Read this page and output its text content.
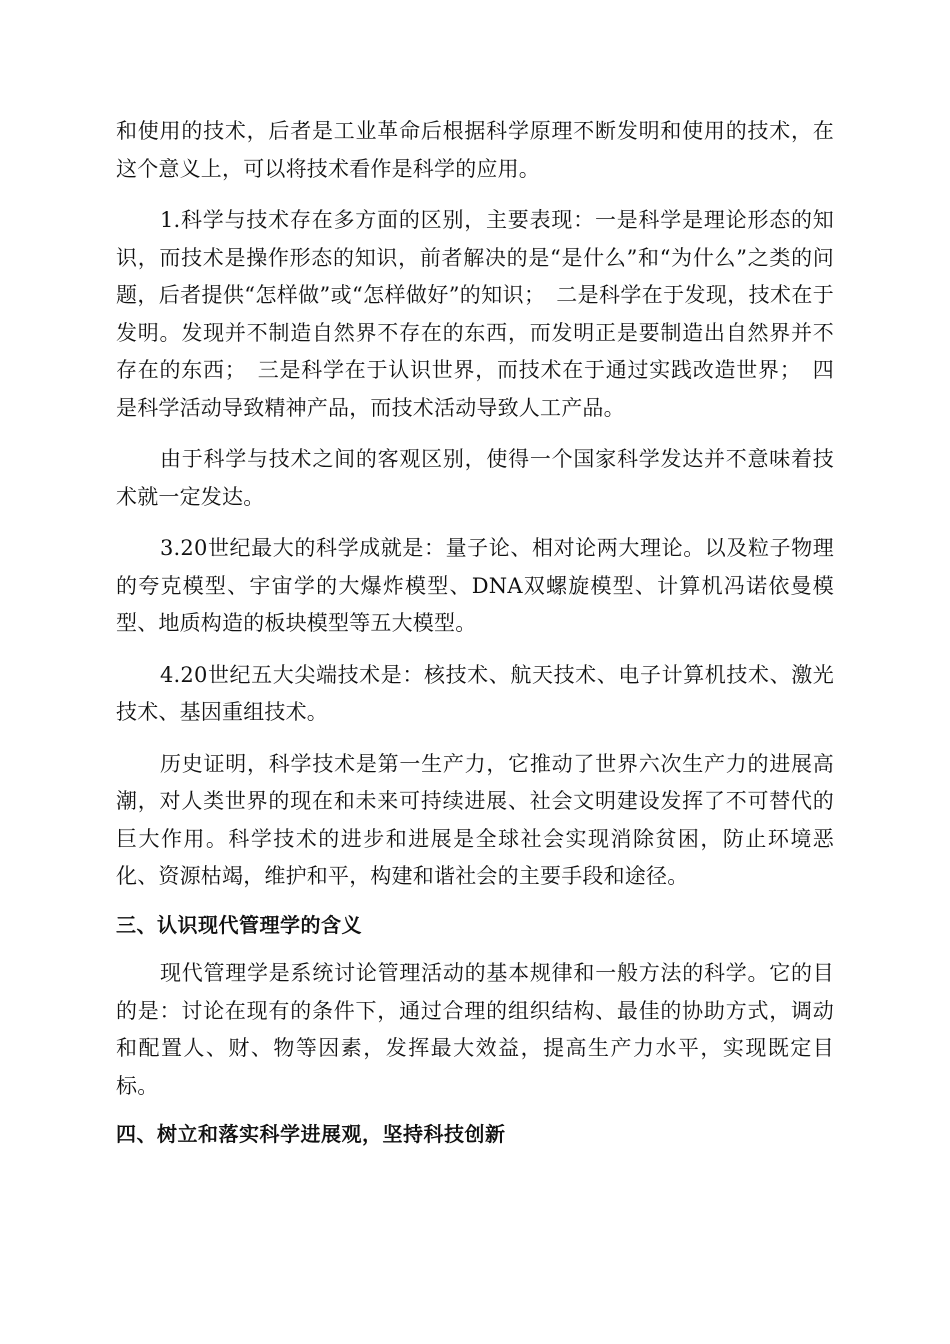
和使用的技术，后者是工业革命后根据科学原理不断发明和使用的技术，在这个意义上，可以将技术看作是科学的应用。

1.科学与技术存在多方面的区别，主要表现：一是科学是理论形态的知识，而技术是操作形态的知识，前者解决的是“是什么”和“为什么”之类的问题，后者提供“怎样做”或“怎样做好”的知识；　二是科学在于发现，技术在于发明。发现并不制造自然界不存在的东西，而发明正是要制造出自然界并不存在的东西；　三是科学在于认识世界，而技术在于通过实践改造世界；　四是科学活动导致精神产品，而技术活动导致人工产品。

由于科学与技术之间的客观区别，使得一个国家科学发达并不意味着技术就一定发达。

3.20世纪最大的科学成就是：量子论、相对论两大理论。以及粒子物理的夸克模型、宇宙学的大爆炸模型、DNA双螺旋模型、计算机冯诺依曼模型、地质构造的板块模型等五大模型。

4.20世纪五大尖端技术是：核技术、航天技术、电子计算机技术、激光技术、基因重组技术。

历史证明，科学技术是第一生产力，它推动了世界六次生产力的进展高潮，对人类世界的现在和未来可持续进展、社会文明建设发挥了不可替代的巨大作用。科学技术的进步和进展是全球社会实现消除贫困，防止环境恶化、资源枯竭，维护和平，构建和谐社会的主要手段和途径。

三、认识现代管理学的含义

现代管理学是系统讨论管理活动的基本规律和一般方法的科学。它的目的是：讨论在现有的条件下，通过合理的组织结构、最佳的协助方式，调动和配置人、财、物等因素，发挥最大效益，提高生产力水平，实现既定目标。

四、树立和落实科学进展观，坚持科技创新
